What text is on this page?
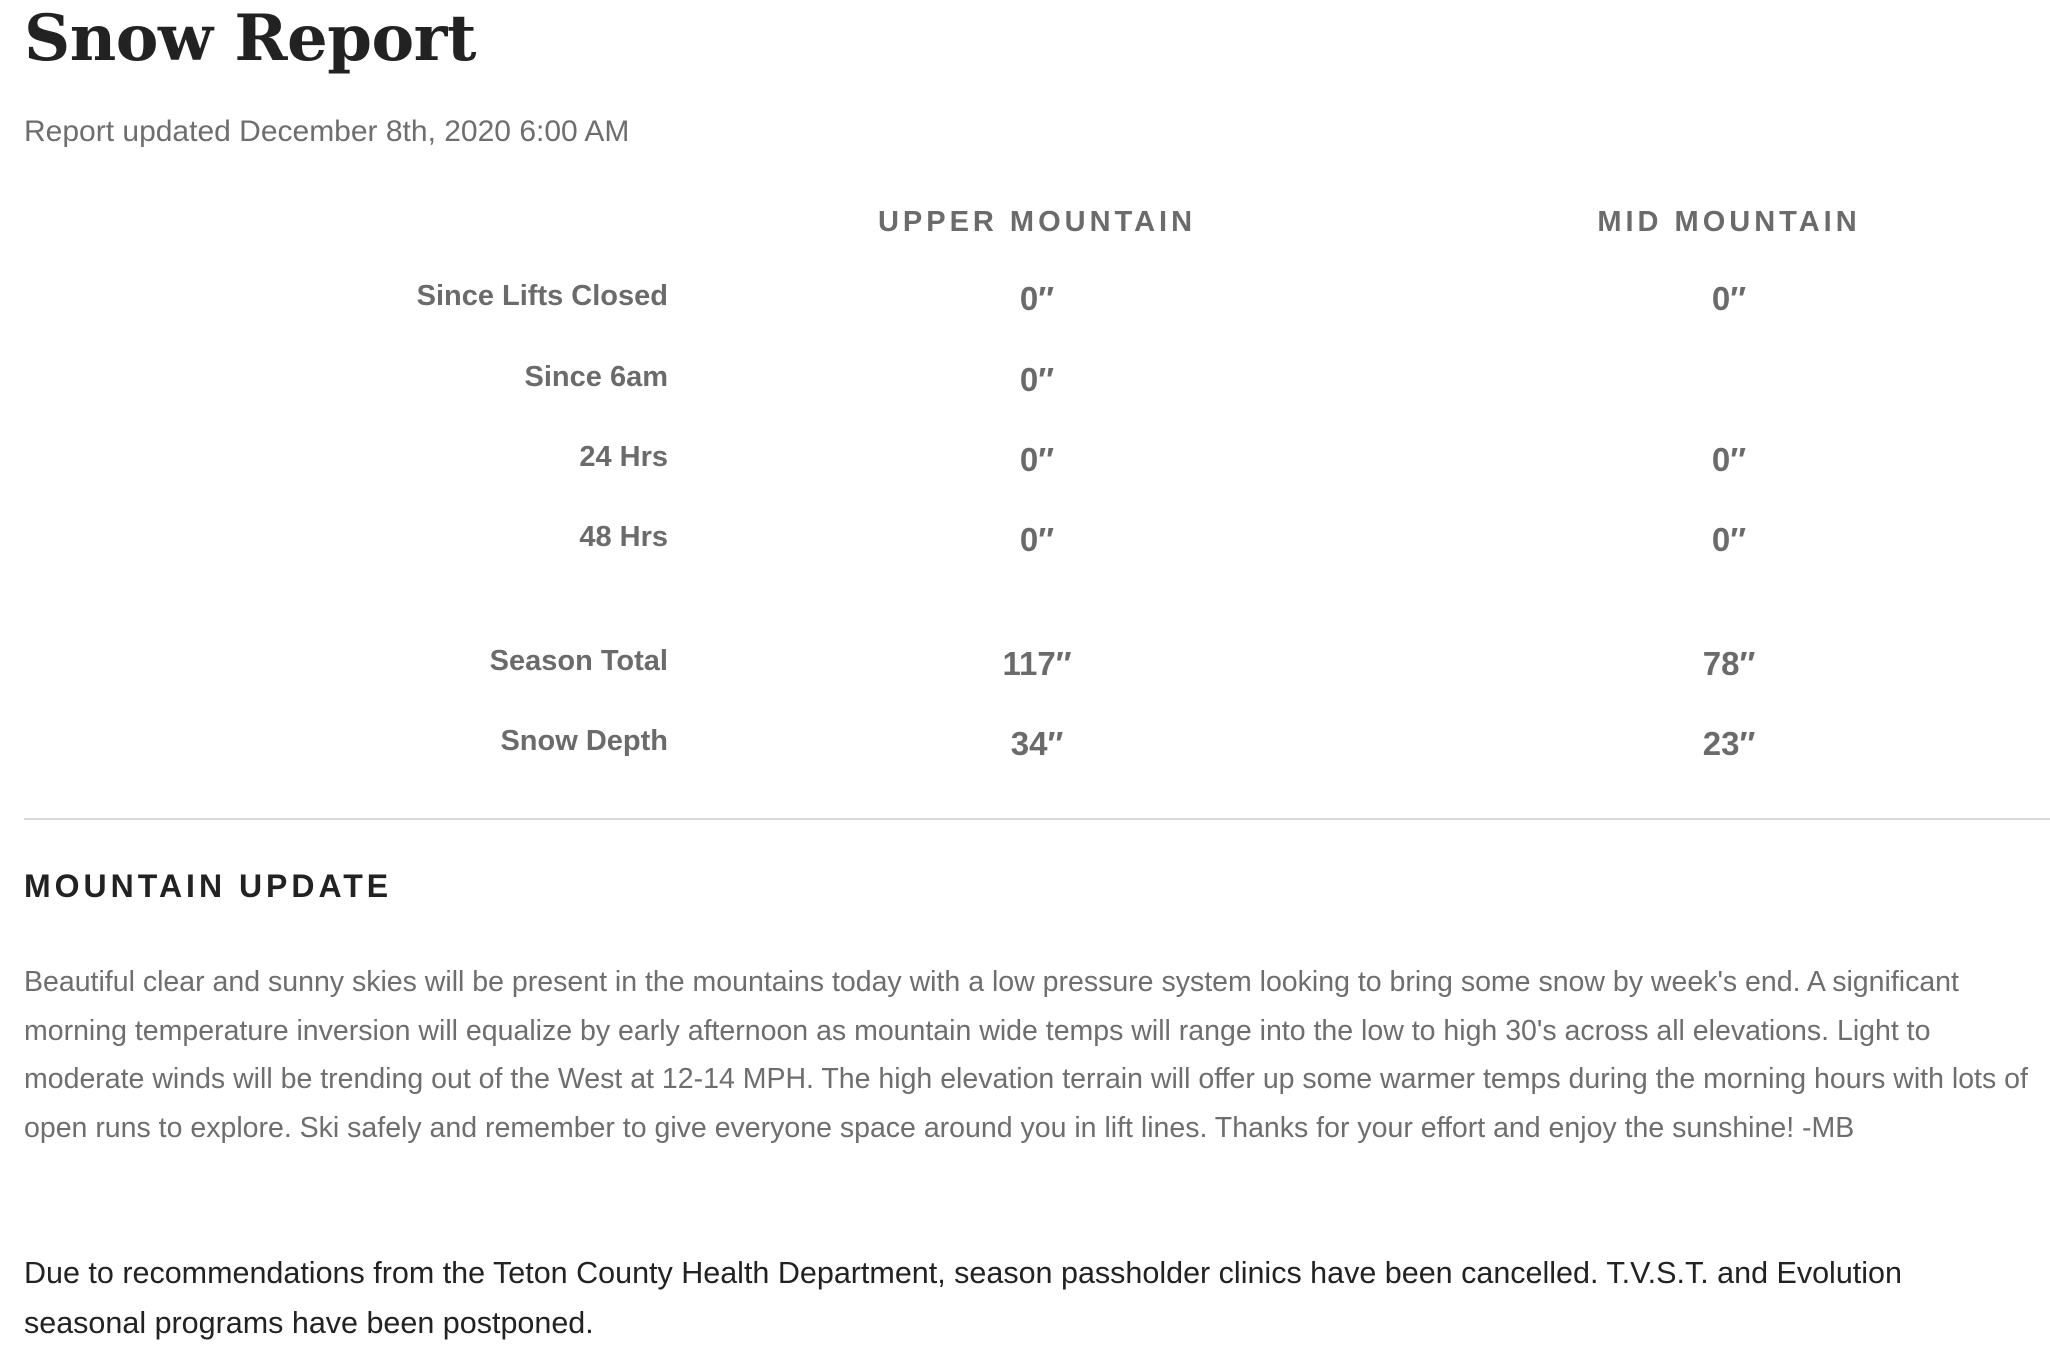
Snow Report
Report updated December 8th, 2020 6:00 AM
UPPER MOUNTAIN	MID MOUNTAIN
Since Lifts Closed	0″	0″
Since 6am	0″
24 Hrs	0″	0″
48 Hrs	0″	0″
Season Total	117″	78″
Snow Depth	34″	23″
MOUNTAIN UPDATE

Beautiful clear and sunny skies will be present in the mountains today with a low pressure system looking to bring some snow by week's end. A significant morning temperature inversion will equalize by early afternoon as mountain wide temps will range into the low to high 30's across all elevations. Light to moderate winds will be trending out of the West at 12-14 MPH. The high elevation terrain will offer up some warmer temps during the morning hours with lots of open runs to explore. Ski safely and remember to give everyone space around you in lift lines. Thanks for your effort and enjoy the sunshine! -MB

Due to recommendations from the Teton County Health Department, season passholder clinics have been cancelled. T.V.S.T. and Evolution seasonal programs have been postponed.
